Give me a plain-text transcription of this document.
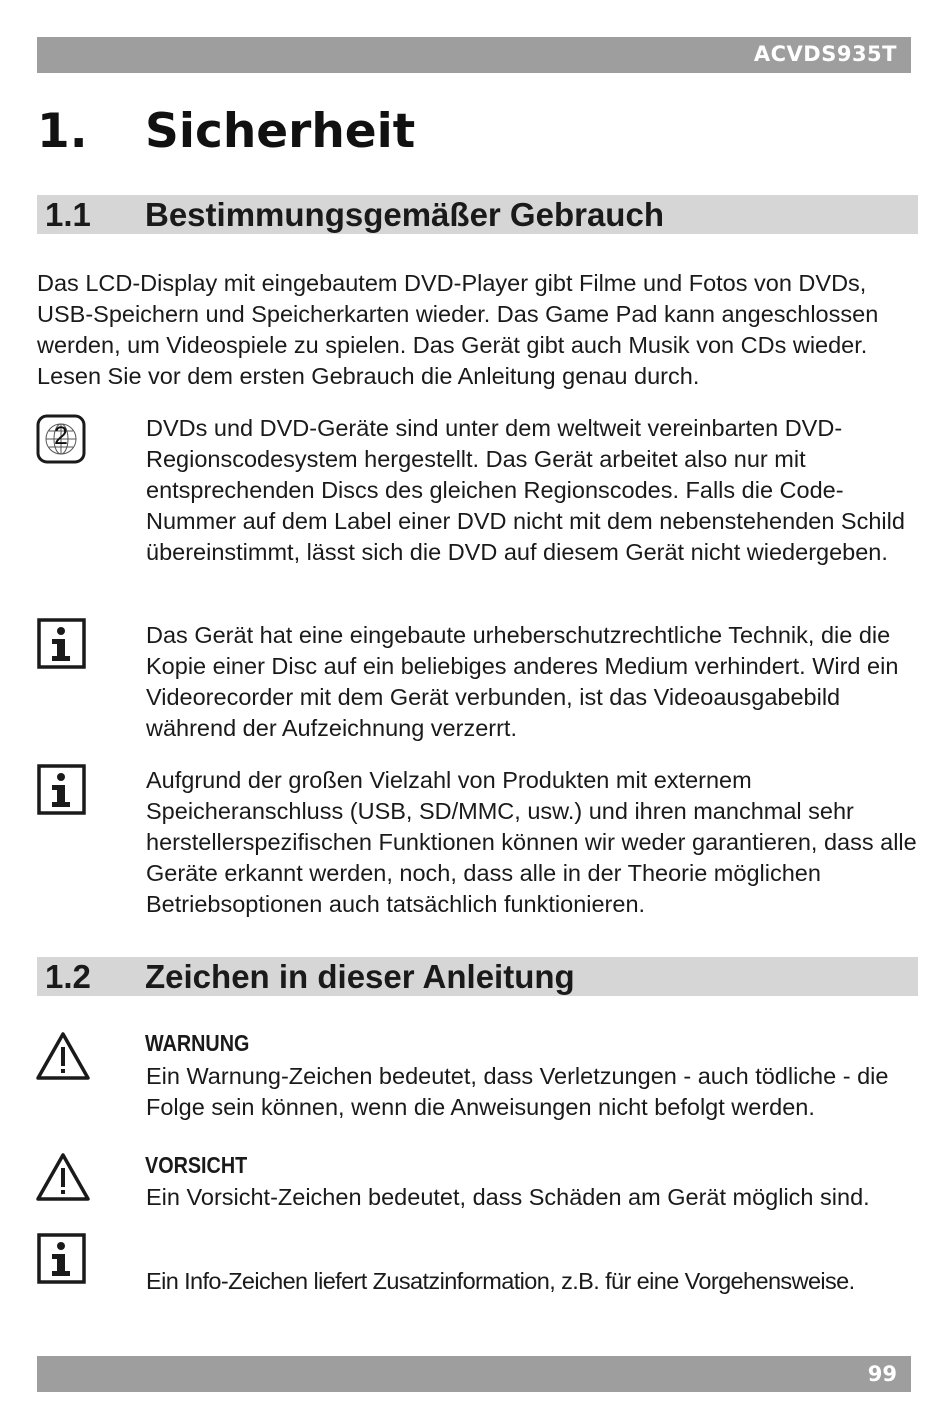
ACVDS935T
1. Sicherheit
1.1 Bestimmungsgemäßer Gebrauch

Das LCD-Display mit eingebautem DVD-Player gibt Filme und Fotos von DVDs, USB-Speichern und Speicherkarten wieder. Das Game Pad kann angeschlossen werden, um Videospiele zu spielen. Das Gerät gibt auch Musik von CDs wieder. Lesen Sie vor dem ersten Gebrauch die Anleitung genau durch.

2	DVDs und DVD-Geräte sind unter dem weltweit vereinbarten DVD-Regionscodesystem hergestellt. Das Gerät arbeitet also nur mit entsprechenden Discs des gleichen Regionscodes. Falls die Code-Nummer auf dem Label einer DVD nicht mit dem nebenstehenden Schild übereinstimmt, lässt sich die DVD auf diesem Gerät nicht wiedergeben.

Das Gerät hat eine eingebaute urheberschutzrechtliche Technik, die die Kopie einer Disc auf ein beliebiges anderes Medium verhindert. Wird ein Videorecorder mit dem Gerät verbunden, ist das Videoausgabebild während der Aufzeichnung verzerrt.

Aufgrund der großen Vielzahl von Produkten mit externem Speicheranschluss (USB, SD/MMC, usw.) und ihren manchmal sehr herstellerspezifischen Funktionen können wir weder garantieren, dass alle Geräte erkannt werden, noch, dass alle in der Theorie möglichen Betriebsoptionen auch tatsächlich funktionieren.

1.2 Zeichen in dieser Anleitung
WARNUNG

Ein Warnung-Zeichen bedeutet, dass Verletzungen - auch tödliche - die Folge sein können, wenn die Anweisungen nicht befolgt werden.

VORSICHT

Ein Vorsicht-Zeichen bedeutet, dass Schäden am Gerät möglich sind.

Ein Info-Zeichen liefert Zusatzinformation, z.B. für eine Vorgehensweise.

99
